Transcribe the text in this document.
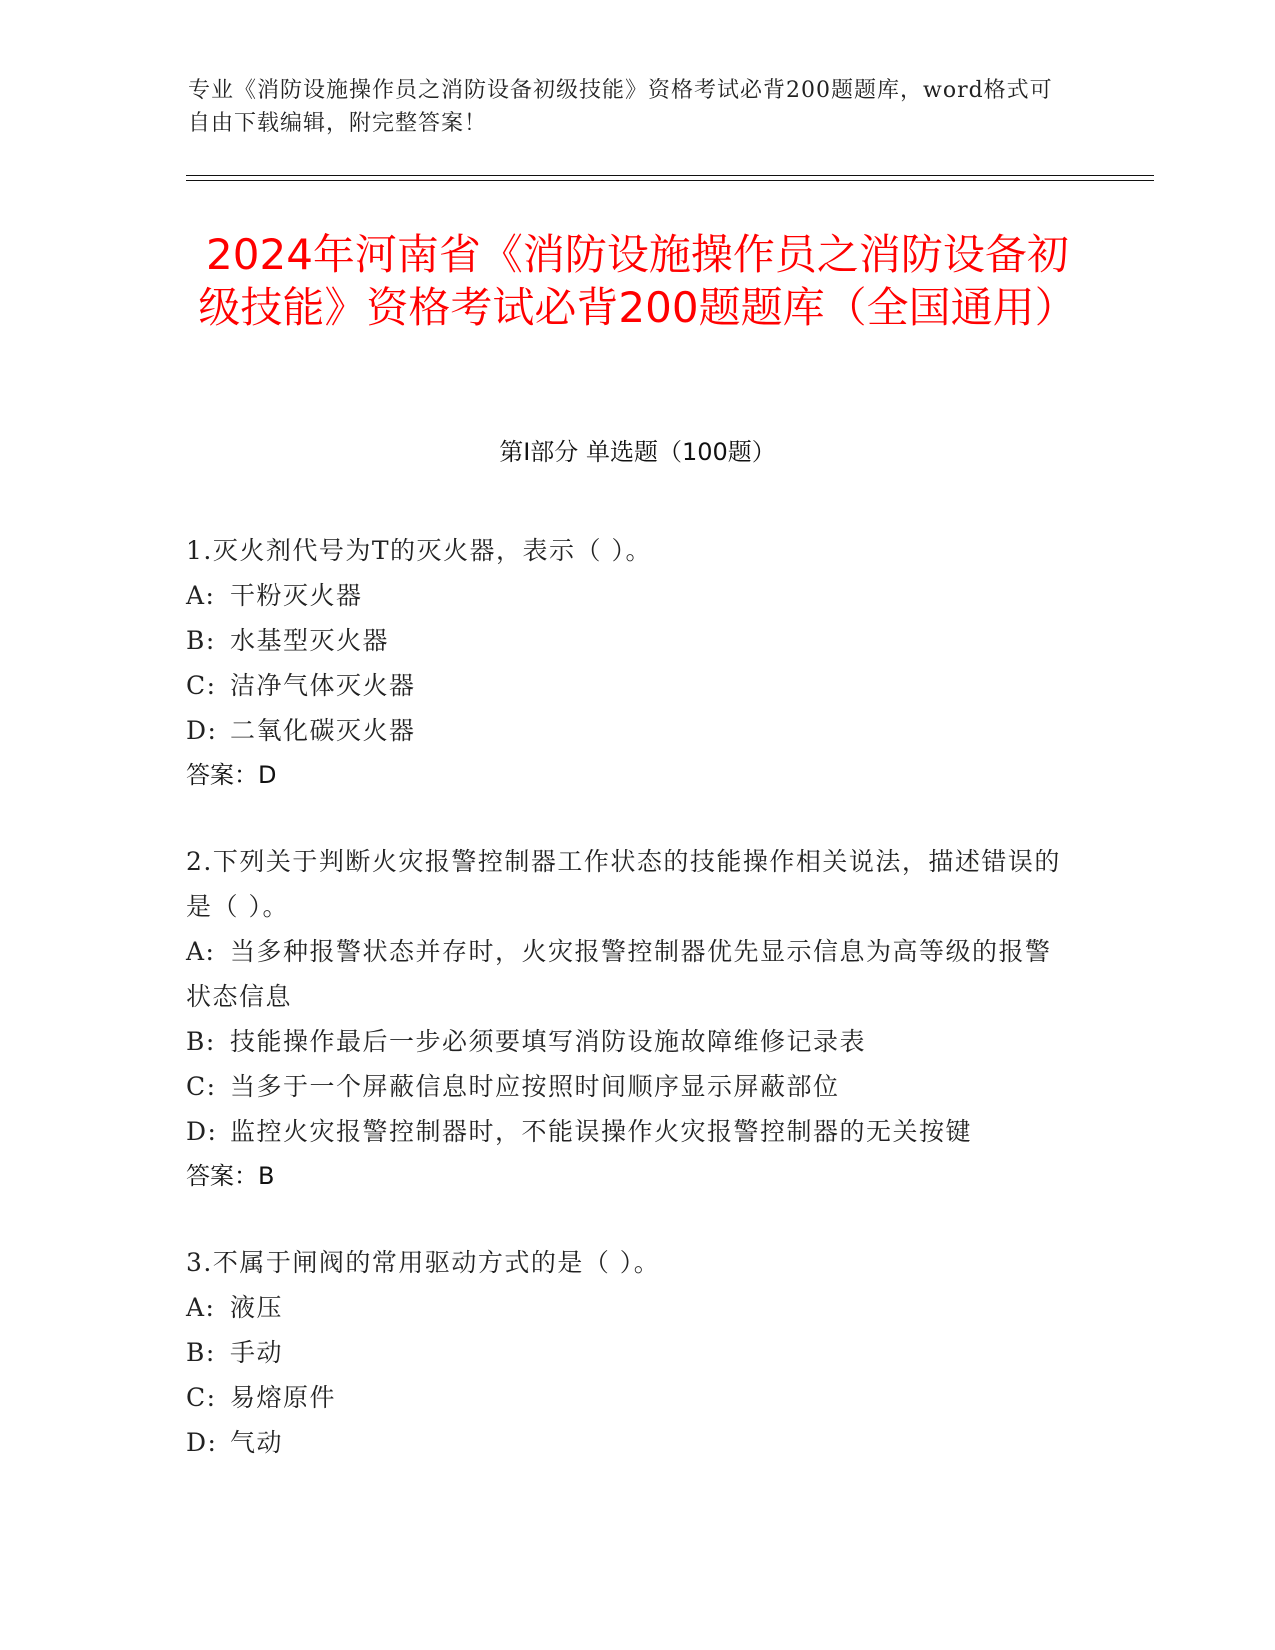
专业《消防设施操作员之消防设备初级技能》资格考试必背200题题库，word格式可自由下载编辑，附完整答案！
2024年河南省《消防设施操作员之消防设备初级技能》资格考试必背200题题库（全国通用）
第I部分 单选题（100题）
1.灭火剂代号为T的灭火器，表示（ ）。
A: 干粉灭火器
B: 水基型灭火器
C: 洁净气体灭火器
D: 二氧化碳灭火器
答案：D
2.下列关于判断火灾报警控制器工作状态的技能操作相关说法，描述错误的是（ ）。
A: 当多种报警状态并存时，火灾报警控制器优先显示信息为高等级的报警状态信息
B: 技能操作最后一步必须要填写消防设施故障维修记录表
C: 当多于一个屏蔽信息时应按照时间顺序显示屏蔽部位
D: 监控火灾报警控制器时，不能误操作火灾报警控制器的无关按键
答案：B
3.不属于闸阀的常用驱动方式的是（ ）。
A: 液压
B: 手动
C: 易熔原件
D: 气动
